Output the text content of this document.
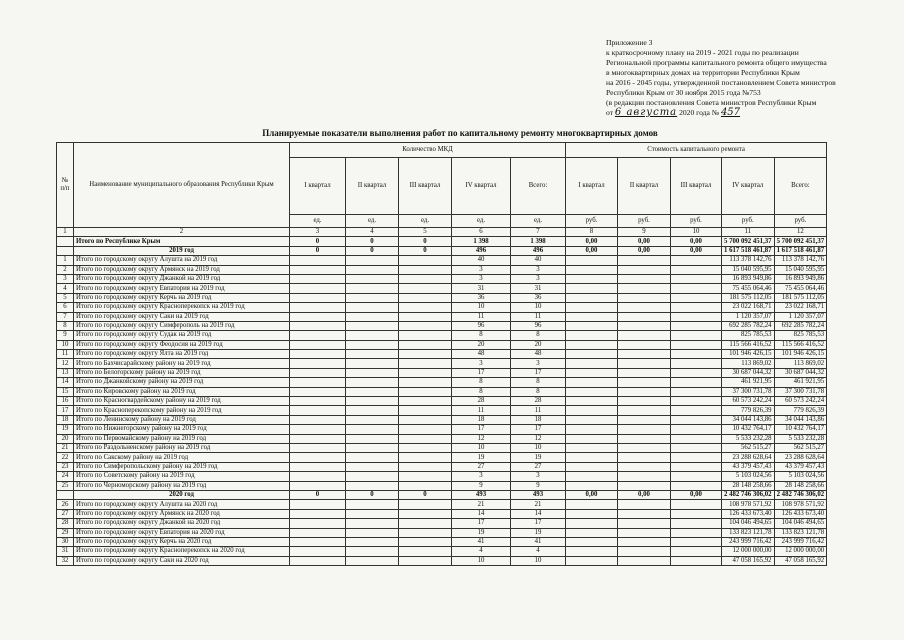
Приложение 3
к краткосрочному плану на 2019 - 2021 годы по реализации
Региональной программы капитального ремонта общего имущества
в многоквартирных домах на территории Республики Крым
на 2016 - 2045 годы, утвержденной постановлением Совета министров
Республики Крым от 30 ноября 2015 года №753
(в редакции постановления Совета министров Республики Крым
от 6 августа 2020 года № 457
Планируемые показатели выполнения работ по капитальному ремонту многоквартирных домов
№ п/п	Наименование муниципального образования Республики Крым	Количество МКД					Стоимость капитального ремонта				
		I квартал	II квартал	III квартал	IV квартал	Всего:	I квартал	II квартал	III квартал	IV квартал	Всего:
		ед.	ед.	ед.	ед.	ед.	руб.	руб.	руб.	руб.	руб.
1	2	3	4	5	6	7	8	9	10	11	12
	Итого по Республике Крым	0	0	0	1 398	1 398	0,00	0,00	0,00	5 700 092 451,37	5 700 092 451,37
	2019 год	0	0	0	496	496	0,00	0,00	0,00	1 617 518 461,87	1 617 518 461,87
1	Итого по городскому округу Алушта на 2019 год				40	40				113 378 142,76	113 378 142,76
2	Итого по городскому округу Армянск на 2019 год				3	3				15 040 595,95	15 040 595,95
3	Итого по городскому округу Джанкой на 2019 год				3	3				16 893 949,86	16 893 949,86
4	Итого по городскому округу Евпатория на 2019 год				31	31				75 455 064,46	75 455 064,46
5	Итого по городскому округу Керчь на 2019 год				36	36				181 575 112,05	181 575 112,05
6	Итого по городскому округу Красноперекопск на 2019 год				10	10				23 022 168,71	23 022 168,71
7	Итого по городскому округу Саки на 2019 год				11	11				1 120 357,07	1 120 357,07
8	Итого по городскому округу Симферополь на 2019 год				96	96				692 285 782,24	692 285 782,24
9	Итого по городскому округу Судак на 2019 год				8	8				825 785,53	825 785,53
10	Итого по городскому округу Феодосия на 2019 год				20	20				115 566 416,52	115 566 416,52
11	Итого по городскому округу Ялта на 2019 год				48	48				101 946 426,15	101 946 426,15
12	Итого по Бахчисарайскому району на 2019 год				3	3				113 869,02	113 869,02
13	Итого по Белогорскому району на 2019 год				17	17				30 687 044,32	30 687 044,32
14	Итого по Джанкойскому району на 2019 год				8	8				461 921,95	461 921,95
15	Итого по Кировскому району на 2019 год				8	8				37 300 731,78	37 300 731,78
16	Итого по Красногвардейскому району на 2019 год				28	28				60 573 242,24	60 573 242,24
17	Итого по Красноперекопскому району на 2019 год				11	11				779 826,39	779 826,39
18	Итого по Ленинскому району на 2019 год				18	18				34 044 143,86	34 044 143,86
19	Итого по Нижнегорскому району на 2019 год				17	17				10 432 764,17	10 432 764,17
20	Итого по Первомайскому району на 2019 год				12	12				5 533 232,28	5 533 232,28
21	Итого по Раздольненскому району на 2019 год				10	10				562 515,27	562 515,27
22	Итого по Сакскому району на 2019 год				19	19				23 288 628,64	23 288 628,64
23	Итого по Симферопольскому району на 2019 год				27	27				43 379 457,43	43 379 457,43
24	Итого по Советскому району на 2019 год				3	3				5 103 024,56	5 103 024,56
25	Итого по Черноморскому району на 2019 год				9	9				28 148 258,66	28 148 258,66
	2020 год	0	0	0	493	493	0,00	0,00	0,00	2 482 746 306,02	2 482 746 306,02
26	Итого по городскому округу Алушта на 2020 год				21	21				108 978 571,92	108 978 571,92
27	Итого по городскому округу Армянск на 2020 год				14	14				126 433 673,40	126 433 673,40
28	Итого по городскому округу Джанкой на 2020 год				17	17				104 046 494,65	104 046 494,65
29	Итого по городскому округу Евпатория на 2020 год				19	19				133 823 121,78	133 823 121,78
30	Итого по городскому округу Керчь на 2020 год				41	41				243 999 716,42	243 999 716,42
31	Итого по городскому округу Красноперекопск на 2020 год				4	4				12 000 000,00	12 000 000,00
32	Итого по городскому округу Саки на 2020 год				10	10				47 058 165,92	47 058 165,92
